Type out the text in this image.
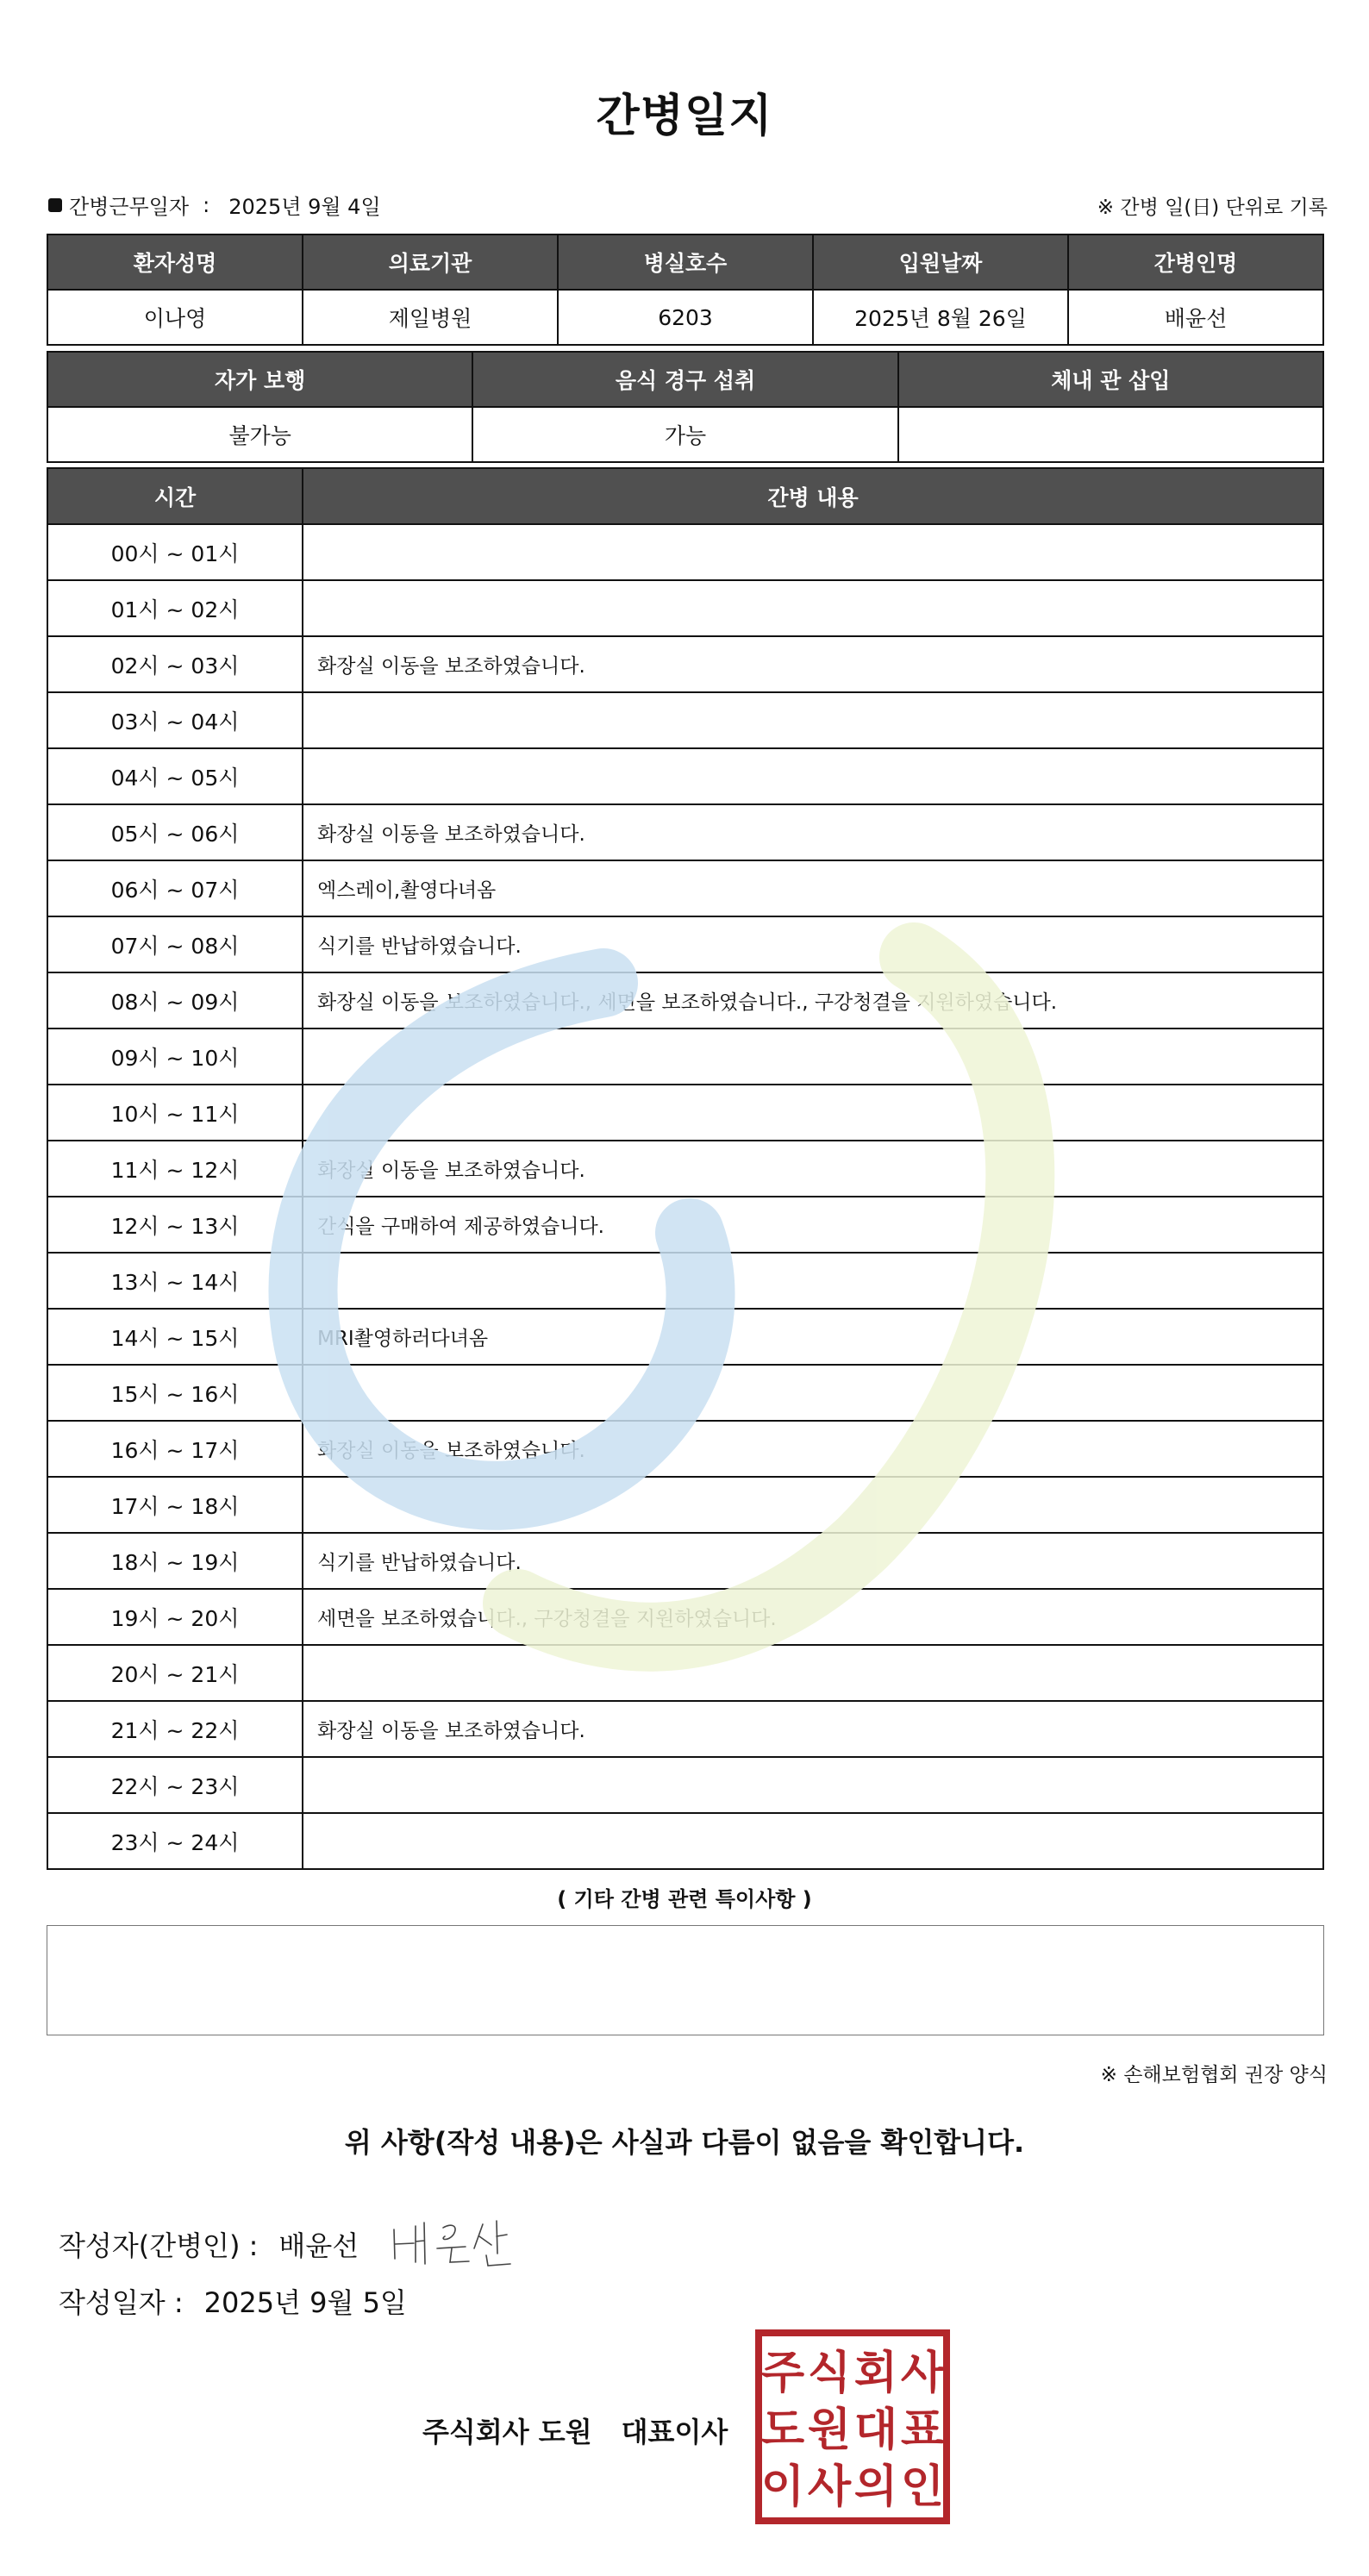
간병일지
간병근무일자 : 2025년 9월 4일	※ 간병 일(日) 단위로 기록
환자성명	의료기관	병실호수	입원날짜	간병인명
이나영	제일병원	6203	2025년 8월 26일	배윤선
자가 보행	음식 경구 섭취	체내 관 삽입
불가능	가능	
시간	간병 내용
00시 ~ 01시	
01시 ~ 02시	
02시 ~ 03시	화장실 이동을 보조하였습니다.
03시 ~ 04시	
04시 ~ 05시	
05시 ~ 06시	화장실 이동을 보조하였습니다.
06시 ~ 07시	엑스레이,촬영다녀옴
07시 ~ 08시	식기를 반납하였습니다.
08시 ~ 09시	화장실 이동을 보조하였습니다., 세면을 보조하였습니다., 구강청결을 지원하였습니다.
09시 ~ 10시	
10시 ~ 11시	
11시 ~ 12시	화장실 이동을 보조하였습니다.
12시 ~ 13시	간식을 구매하여 제공하였습니다.
13시 ~ 14시	
14시 ~ 15시	MRI촬영하러다녀옴
15시 ~ 16시	
16시 ~ 17시	화장실 이동을 보조하였습니다.
17시 ~ 18시	
18시 ~ 19시	식기를 반납하였습니다.
19시 ~ 20시	세면을 보조하였습니다., 구강청결을 지원하였습니다.
20시 ~ 21시	
21시 ~ 22시	화장실 이동을 보조하였습니다.
22시 ~ 23시	
23시 ~ 24시	
( 기타 간병 관련 특이사항 )
※ 손해보험협회 권장 양식
위 사항(작성 내용)은 사실과 다름이 없음을 확인합니다.
작성자(간병인) : 배윤선
작성일자 : 2025년 9월 5일
주식회사 도원 대표이사
주 식 회 사
도 원 대 표
이 사 의 인
